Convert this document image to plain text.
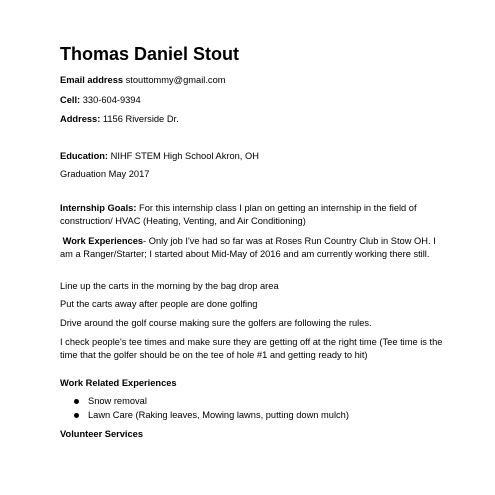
Thomas Daniel Stout
Email address stouttommy@gmail.com
Cell: 330-604-9394
Address: 1156 Riverside Dr.
Education: NIHF STEM High School Akron, OH
Graduation May 2017
Internship Goals: For this internship class I plan on getting an internship in the field of construction/ HVAC (Heating, Venting, and Air Conditioning)
Work Experiences- Only job I've had so far was at Roses Run Country Club in Stow OH. I am a Ranger/Starter; I started about Mid-May of 2016 and am currently working there still.
Line up the carts in the morning by the bag drop area
Put the carts away after people are done golfing
Drive around the golf course making sure the golfers are following the rules.
I check people's tee times and make sure they are getting off at the right time (Tee time is the time that the golfer should be on the tee of hole #1 and getting ready to hit)
Work Related Experiences
Snow removal
Lawn Care (Raking leaves, Mowing lawns, putting down mulch)
Volunteer Services
